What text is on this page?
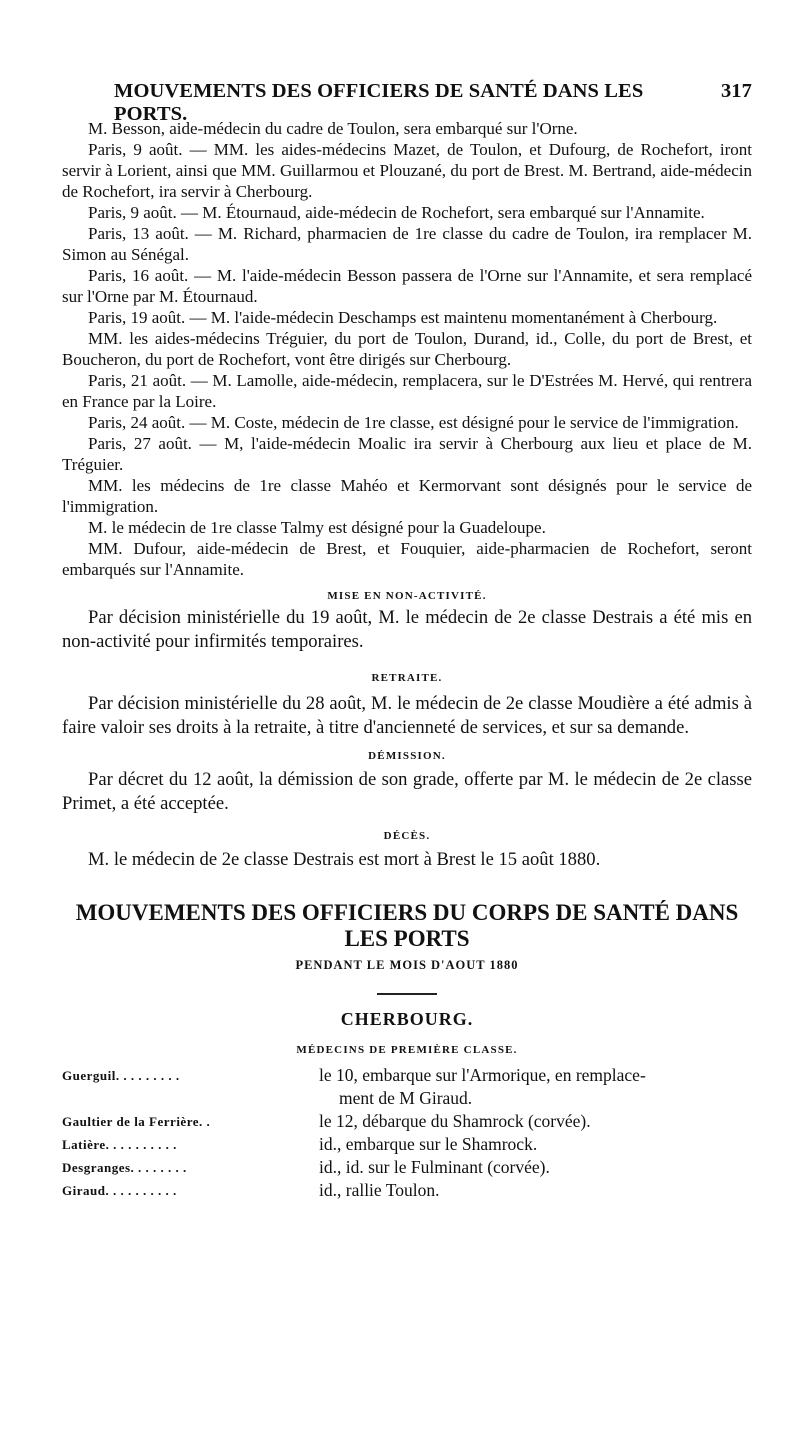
MOUVEMENTS DES OFFICIERS DE SANTÉ DANS LES PORTS.
317

M. Besson, aide-médecin du cadre de Toulon, sera embarqué sur l'Orne.

Paris, 9 août. — MM. les aides-médecins Mazet, de Toulon, et Dufourg, de Rochefort, iront servir à Lorient, ainsi que MM. Guillarmou et Plouzané, du port de Brest. M. Bertrand, aide-médecin de Rochefort, ira servir à Cherbourg.

Paris, 9 août. — M. Étournaud, aide-médecin de Rochefort, sera embarqué sur l'Annamite.

Paris, 13 août. — M. Richard, pharmacien de 1re classe du cadre de Toulon, ira remplacer M. Simon au Sénégal.

Paris, 16 août. — M. l'aide-médecin Besson passera de l'Orne sur l'Annamite, et sera remplacé sur l'Orne par M. Étournaud.

Paris, 19 août. — M. l'aide-médecin Deschamps est maintenu momentanément à Cherbourg.

MM. les aides-médecins Tréguier, du port de Toulon, Durand, id., Colle, du port de Brest, et Boucheron, du port de Rochefort, vont être dirigés sur Cherbourg.

Paris, 21 août. — M. Lamolle, aide-médecin, remplacera, sur le D'Estrées M. Hervé, qui rentrera en France par la Loire.

Paris, 24 août. — M. Coste, médecin de 1re classe, est désigné pour le service de l'immigration.

Paris, 27 août. — M, l'aide-médecin Moalic ira servir à Cherbourg aux lieu et place de M. Tréguier.

MM. les médecins de 1re classe Mahéo et Kermorvant sont désignés pour le service de l'immigration.

M. le médecin de 1re classe Talmy est désigné pour la Guadeloupe.

MM. Dufour, aide-médecin de Brest, et Fouquier, aide-pharmacien de Rochefort, seront embarqués sur l'Annamite.

MISE EN NON-ACTIVITÉ.

Par décision ministérielle du 19 août, M. le médecin de 2e classe Destrais a été mis en non-activité pour infirmités temporaires.

RETRAITE.

Par décision ministérielle du 28 août, M. le médecin de 2e classe Moudière a été admis à faire valoir ses droits à la retraite, à titre d'ancienneté de services, et sur sa demande.

DÉMISSION.

Par décret du 12 août, la démission de son grade, offerte par M. le médecin de 2e classe Primet, a été acceptée.

DÉCÈS.

M. le médecin de 2e classe Destrais est mort à Brest le 15 août 1880.

MOUVEMENTS DES OFFICIERS DU CORPS DE SANTÉ DANS LES PORTS

PENDANT LE MOIS D'AOUT 1880

CHERBOURG.

MÉDECINS DE PREMIÈRE CLASSE.

Guerguil. . . . . . . . .	le 10, embarque sur l'Armorique, en remplace-
ment de M Giraud.
Gaultier de la Ferrière. .	le 12, débarque du Shamrock (corvée).
Latière. . . . . . . . . .	id., embarque sur le Shamrock.
Desgranges. . . . . . . .	id., id. sur le Fulminant (corvée).
Giraud. . . . . . . . . .	id., rallie Toulon.
